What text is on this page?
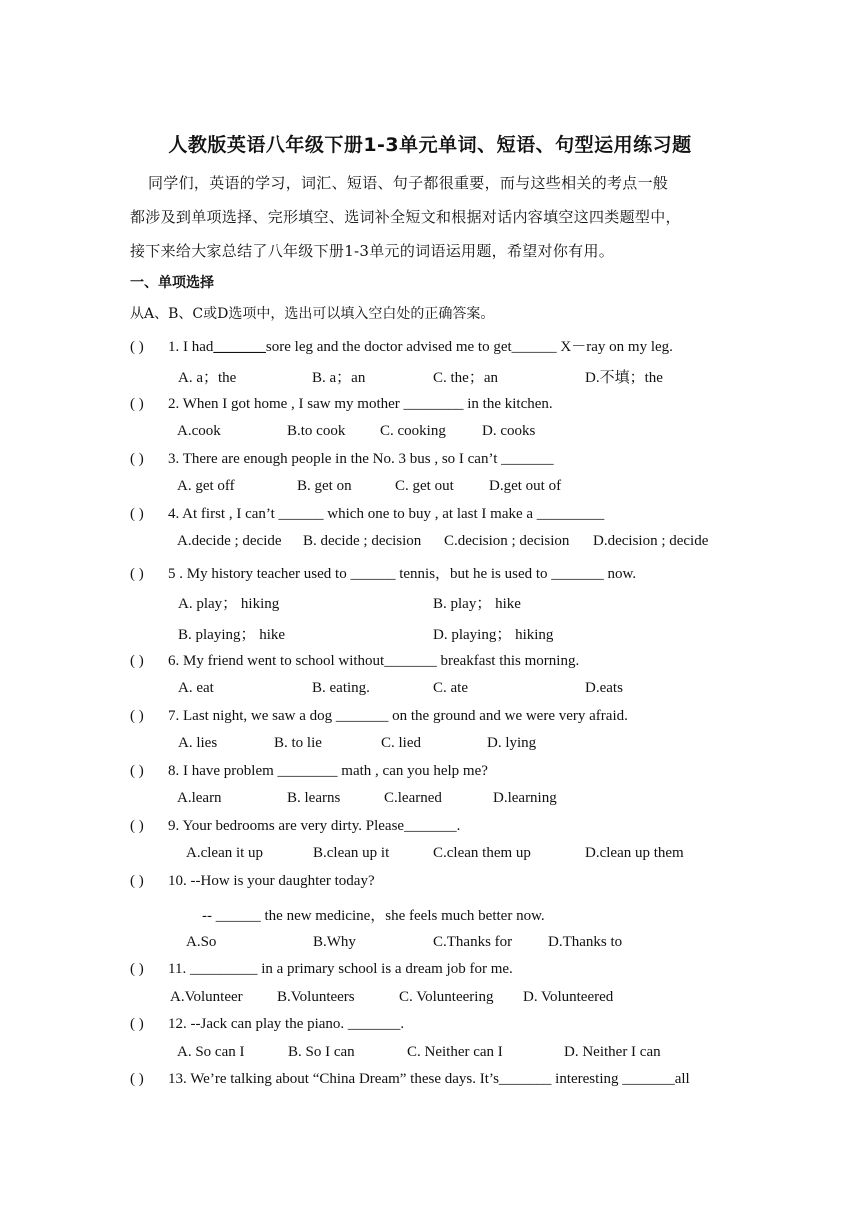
人教版英语八年级下册1-3单元单词、短语、句型运用练习题
同学们，英语的学习，词汇、短语、句子都很重要，而与这些相关的考点一般
都涉及到单项选择、完形填空、选词补全短文和根据对话内容填空这四类题型中，
接下来给大家总结了八年级下册1-3单元的词语运用题，希望对你有用。
一、单项选择
从A、B、C或D选项中，选出可以填入空白处的正确答案。
( ) 1. I had_______sore leg and the doctor advised me to get______ X－ray on my leg.
A. a；the	B. a；an	C. the；an	D.不填；the
( ) 2. When I got home , I saw my mother ________ in the kitchen.
A.cook	B.to cook C. cooking D. cooks
( ) 3. There are enough people in the No. 3 bus , so I can’t _______
A. get off	B. get on	C. get out D.get out of
( ) 4. At first , I can’t ______ which one to buy , at last I make a _________
A.decide ; decide B. decide ; decision C.decision ; decision D.decision ; decide
( ) 5 . My history teacher used to ______ tennis，but he is used to _______ now.
A. play； hiking	B. play； hike
B. playing； hike	D. playing； hiking
( ) 6. My friend went to school without_______ breakfast this morning.
A. eat	B. eating.	C. ate	D.eats
( ) 7. Last night, we saw a dog _______ on the ground and we were very afraid.
A. lies	B. to lie	C. lied	D. lying
( ) 8. I have problem ________ math , can you help me?
A.learn	B. learns	C.learned	D.learning
( ) 9. Your bedrooms are very dirty. Please_______.
A.clean it up	B.clean up it	C.clean them up	D.clean up them
( ) 10. --How is your daughter today?
-- ______ the new medicine，she feels much better now.
A.So	B.Why	C.Thanks for D.Thanks to
( ) 11. _________ in a primary school is a dream job for me.
A.Volunteer B.Volunteers	C. Volunteering D. Volunteered
( ) 12. --Jack can play the piano. _______.
A. So can I	B. So I can	C. Neither can I	D. Neither I can
( ) 13. We’re talking about “China Dream” these days. It’s_______ interesting _______all
